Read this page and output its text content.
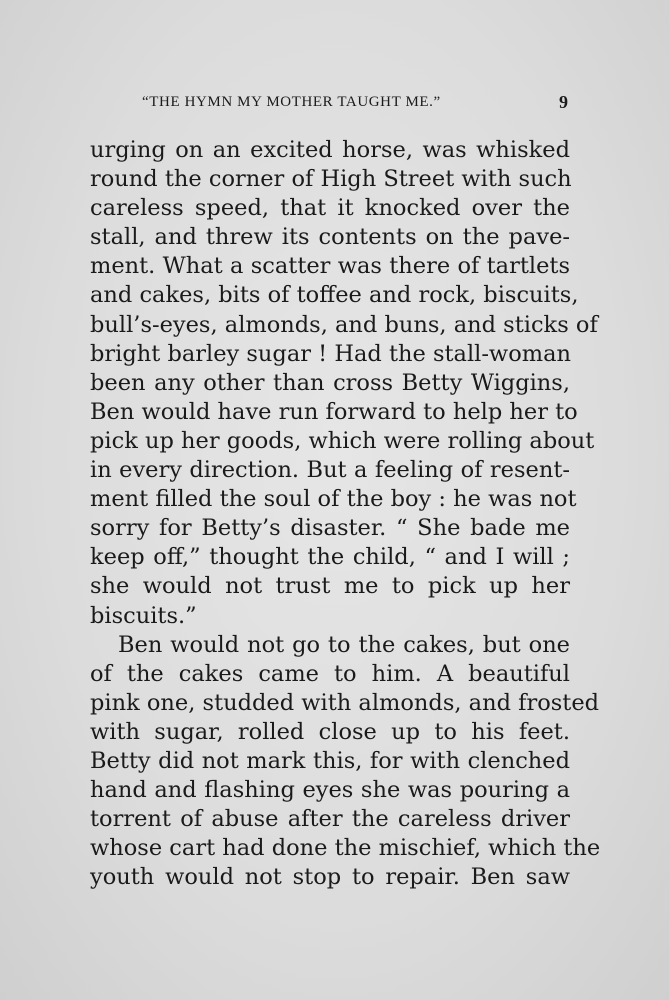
“THE HYMN MY MOTHER TAUGHT ME.”	9
urging on an excited horse, was whisked
round the corner of High Street with such
careless speed, that it knocked over the
stall, and threw its contents on the pave-
ment. What a scatter was there of tartlets
and cakes, bits of toffee and rock, biscuits,
bull’s-eyes, almonds, and buns, and sticks of
bright barley sugar ! Had the stall-woman
been any other than cross Betty Wiggins,
Ben would have run forward to help her to
pick up her goods, which were rolling about
in every direction. But a feeling of resent-
ment filled the soul of the boy : he was not
sorry for Betty’s disaster. “ She bade me
keep off,” thought the child, “ and I will ;
she would not trust me to pick up her
biscuits.”
Ben would not go to the cakes, but one
of the cakes came to him. A beautiful
pink one, studded with almonds, and frosted
with sugar, rolled close up to his feet.
Betty did not mark this, for with clenched
hand and flashing eyes she was pouring a
torrent of abuse after the careless driver
whose cart had done the mischief, which the
youth would not stop to repair. Ben saw
